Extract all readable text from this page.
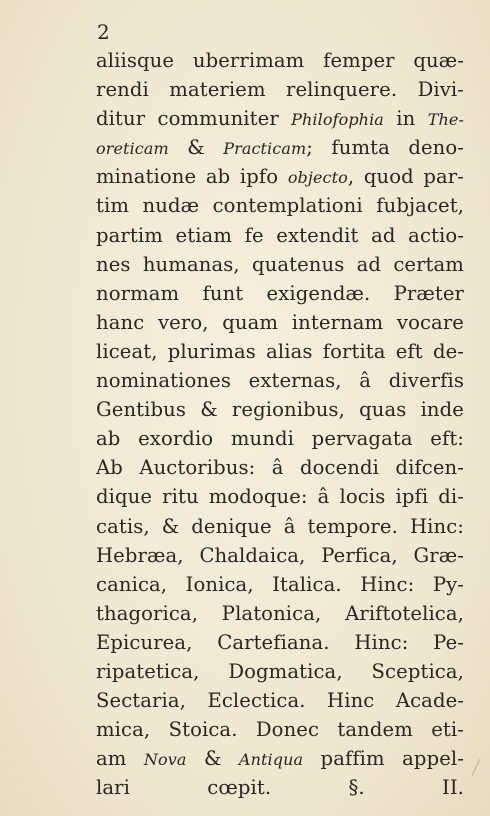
2
aliisque uberrimam femper quæ-
rendi materiem relinquere. Divi-
ditur communiter Philofophia in The-
oreticam & Practicam; fumta deno-
minatione ab ipfo objecto, quod par-
tim nudæ contemplationi fubjacet,
partim etiam fe extendit ad actio-
nes humanas, quatenus ad certam
normam funt exigendæ. Præter
hanc vero, quam internam vocare
liceat, plurimas alias fortita eft de-
nominationes externas, â diverfis
Gentibus & regionibus, quas inde
ab exordio mundi pervagata eft:
Ab Auctoribus: â docendi difcen-
dique ritu modoque: â locis ipfi di-
catis, & denique â tempore. Hinc:
Hebræa, Chaldaica, Perfica, Græ-
canica, Ionica, Italica. Hinc: Py-
thagorica, Platonica, Ariftotelica,
Epicurea, Cartefiana. Hinc: Pe-
ripatetica, Dogmatica, Sceptica,
Sectaria, Eclectica. Hinc Acade-
mica, Stoica. Donec tandem eti-
am Nova & Antiqua paffim appel-
lari cœpit. §. II.
